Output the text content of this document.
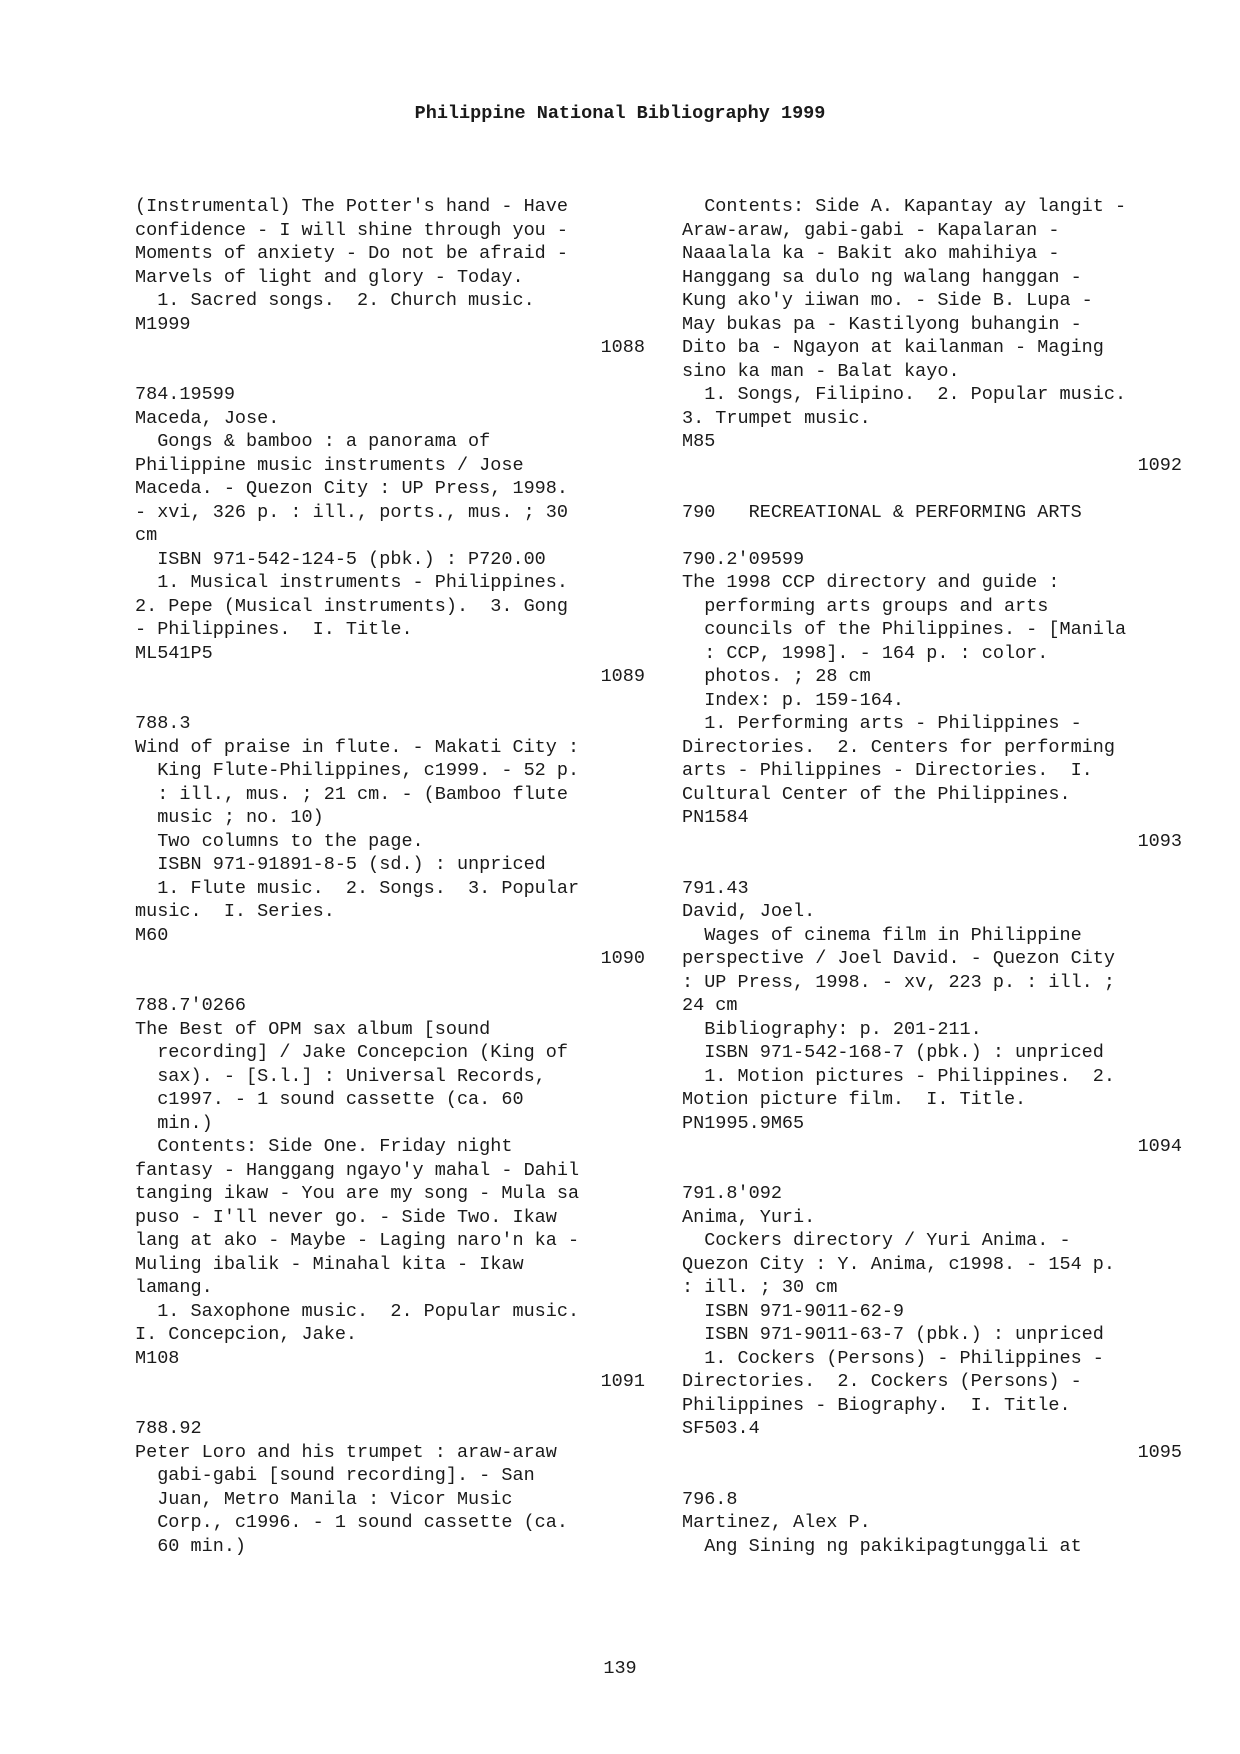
Philippine National Bibliography 1999
(Instrumental) The Potter's hand - Have
confidence - I will shine through you -
Moments of anxiety - Do not be afraid -
Marvels of light and glory - Today.
1. Sacred songs.  2. Church music.
M1999
1088
784.19599
Maceda, Jose.
Gongs & bamboo : a panorama of
Philippine music instruments / Jose
Maceda. - Quezon City : UP Press, 1998.
- xvi, 326 p. : ill., ports., mus. ; 30
cm
ISBN 971-542-124-5 (pbk.) : P720.00
1. Musical instruments - Philippines.
2. Pepe (Musical instruments).  3. Gong
- Philippines.  I. Title.
ML541P5
1089
788.3
Wind of praise in flute. - Makati City :
King Flute-Philippines, c1999. - 52 p.
: ill., mus. ; 21 cm. - (Bamboo flute
music ; no. 10)
Two columns to the page.
ISBN 971-91891-8-5 (sd.) : unpriced
1. Flute music.  2. Songs.  3. Popular
music.  I. Series.
M60
1090
788.7'0266
The Best of OPM sax album [sound
recording] / Jake Concepcion (King of
sax). - [S.l.] : Universal Records,
c1997. - 1 sound cassette (ca. 60
min.)
Contents: Side One. Friday night
fantasy - Hanggang ngayo'y mahal - Dahil
tanging ikaw - You are my song - Mula sa
puso - I'll never go. - Side Two. Ikaw
lang at ako - Maybe - Laging naro'n ka -
Muling ibalik - Minahal kita - Ikaw
lamang.
1. Saxophone music.  2. Popular music.
I. Concepcion, Jake.
M108
1091
788.92
Peter Loro and his trumpet : araw-araw
gabi-gabi [sound recording]. - San
Juan, Metro Manila : Vicor Music
Corp., c1996. - 1 sound cassette (ca.
60 min.)
Contents: Side A. Kapantay ay langit -
Araw-araw, gabi-gabi - Kapalaran -
Naaalala ka - Bakit ako mahihiya -
Hanggang sa dulo ng walang hanggan -
Kung ako'y iiwan mo. - Side B. Lupa -
May bukas pa - Kastilyong buhangin -
Dito ba - Ngayon at kailanman - Maging
sino ka man - Balat kayo.
1. Songs, Filipino.  2. Popular music.
3. Trumpet music.
M85
1092
790   RECREATIONAL & PERFORMING ARTS
790.2'09599
The 1998 CCP directory and guide :
performing arts groups and arts
councils of the Philippines. - [Manila
: CCP, 1998]. - 164 p. : color.
photos. ; 28 cm
Index: p. 159-164.
1. Performing arts - Philippines -
Directories.  2. Centers for performing
arts - Philippines - Directories.  I.
Cultural Center of the Philippines.
PN1584
1093
791.43
David, Joel.
Wages of cinema film in Philippine
perspective / Joel David. - Quezon City
: UP Press, 1998. - xv, 223 p. : ill. ;
24 cm
Bibliography: p. 201-211.
ISBN 971-542-168-7 (pbk.) : unpriced
1. Motion pictures - Philippines.  2.
Motion picture film.  I. Title.
PN1995.9M65
1094
791.8'092
Anima, Yuri.
Cockers directory / Yuri Anima. -
Quezon City : Y. Anima, c1998. - 154 p.
: ill. ; 30 cm
ISBN 971-9011-62-9
ISBN 971-9011-63-7 (pbk.) : unpriced
1. Cockers (Persons) - Philippines -
Directories.  2. Cockers (Persons) -
Philippines - Biography.  I. Title.
SF503.4
1095
796.8
Martinez, Alex P.
Ang Sining ng pakikipagtunggali at
139
